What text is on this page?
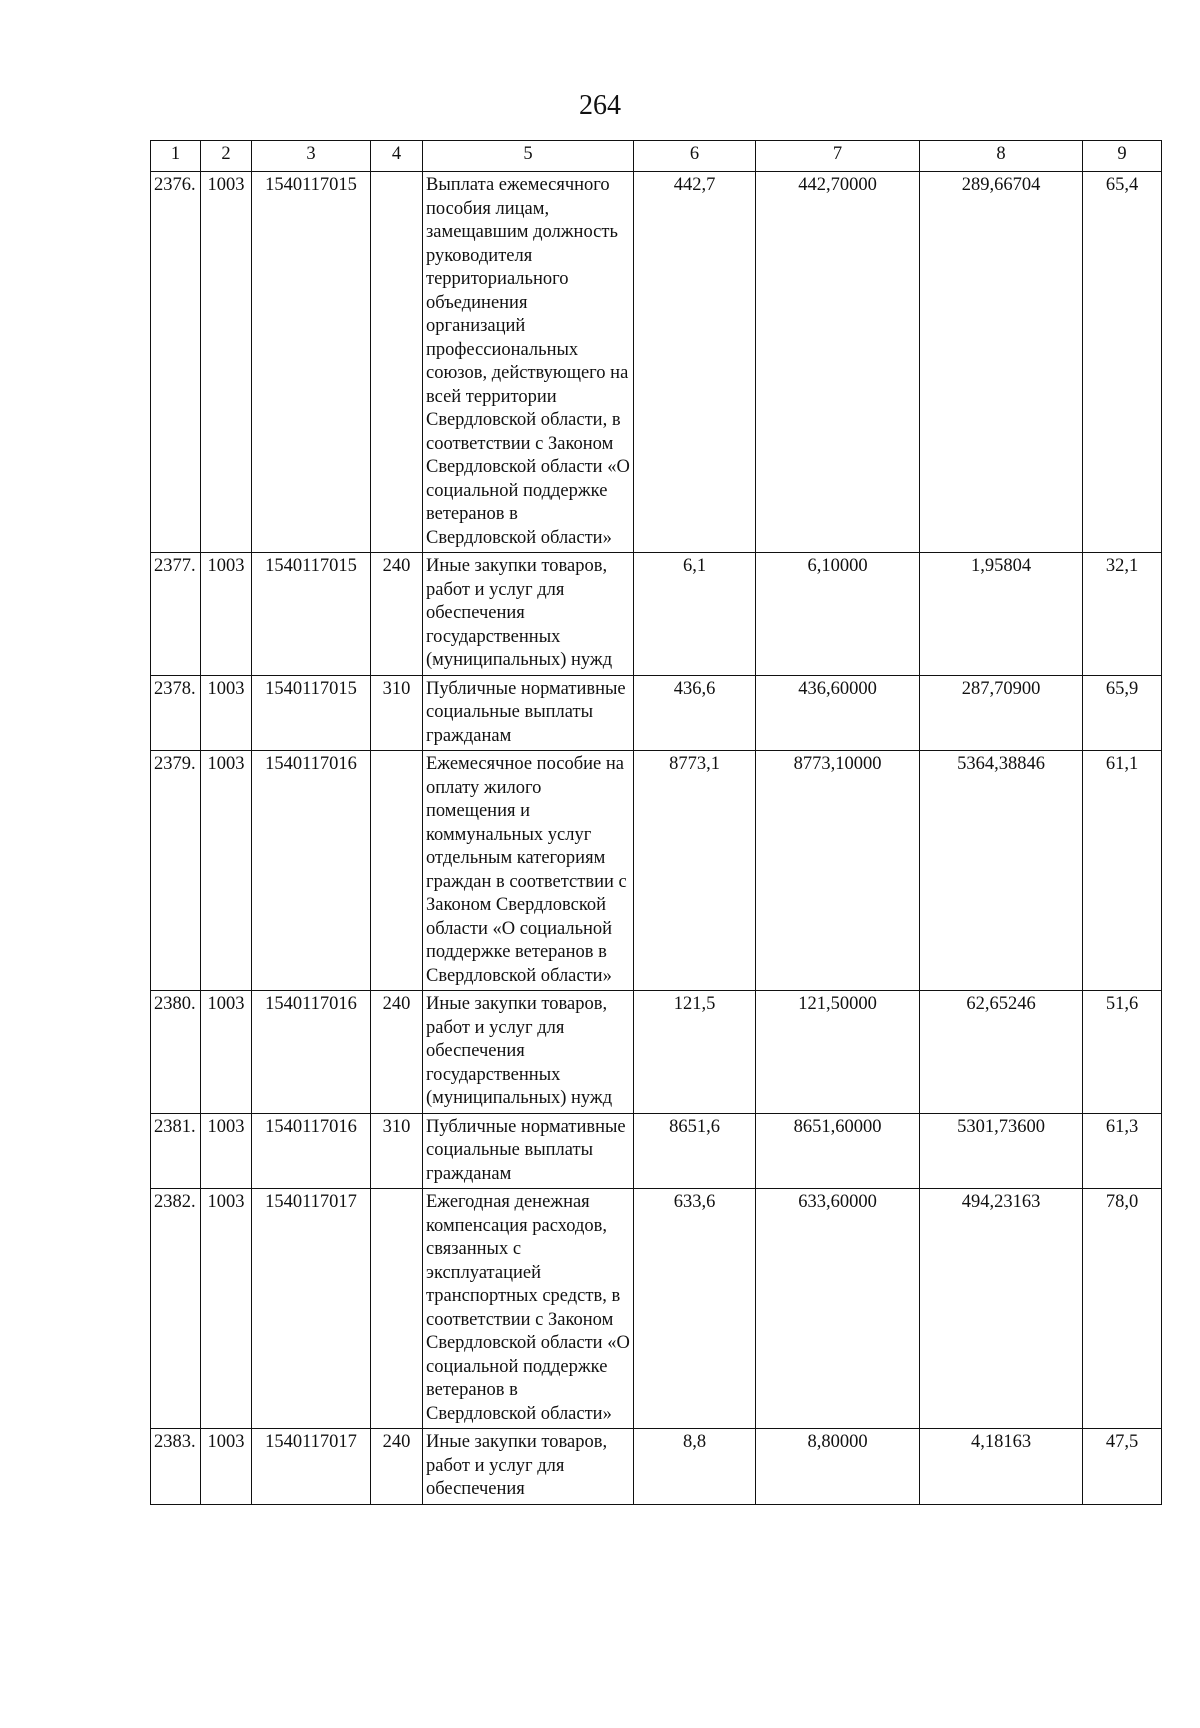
264
1	2	3	4	5	6	7	8	9
2376.	1003	1540117015		Выплата ежемесячного пособия лицам, замещавшим должность руководителя территориального объединения организаций профессиональных союзов, действующего на всей территории Свердловской области, в соответствии с Законом Свердловской области «О социальной поддержке ветеранов в Свердловской области»	442,7	442,70000	289,66704	65,4
2377.	1003	1540117015	240	Иные закупки товаров, работ и услуг для обеспечения государственных (муниципальных) нужд	6,1	6,10000	1,95804	32,1
2378.	1003	1540117015	310	Публичные нормативные социальные выплаты гражданам	436,6	436,60000	287,70900	65,9
2379.	1003	1540117016		Ежемесячное пособие на оплату жилого помещения и коммунальных услуг отдельным категориям граждан в соответствии с Законом Свердловской области «О социальной поддержке ветеранов в Свердловской области»	8773,1	8773,10000	5364,38846	61,1
2380.	1003	1540117016	240	Иные закупки товаров, работ и услуг для обеспечения государственных (муниципальных) нужд	121,5	121,50000	62,65246	51,6
2381.	1003	1540117016	310	Публичные нормативные социальные выплаты гражданам	8651,6	8651,60000	5301,73600	61,3
2382.	1003	1540117017		Ежегодная денежная компенсация расходов, связанных с эксплуатацией транспортных средств, в соответствии с Законом Свердловской области «О социальной поддержке ветеранов в Свердловской области»	633,6	633,60000	494,23163	78,0
2383.	1003	1540117017	240	Иные закупки товаров, работ и услуг для обеспечения	8,8	8,80000	4,18163	47,5
